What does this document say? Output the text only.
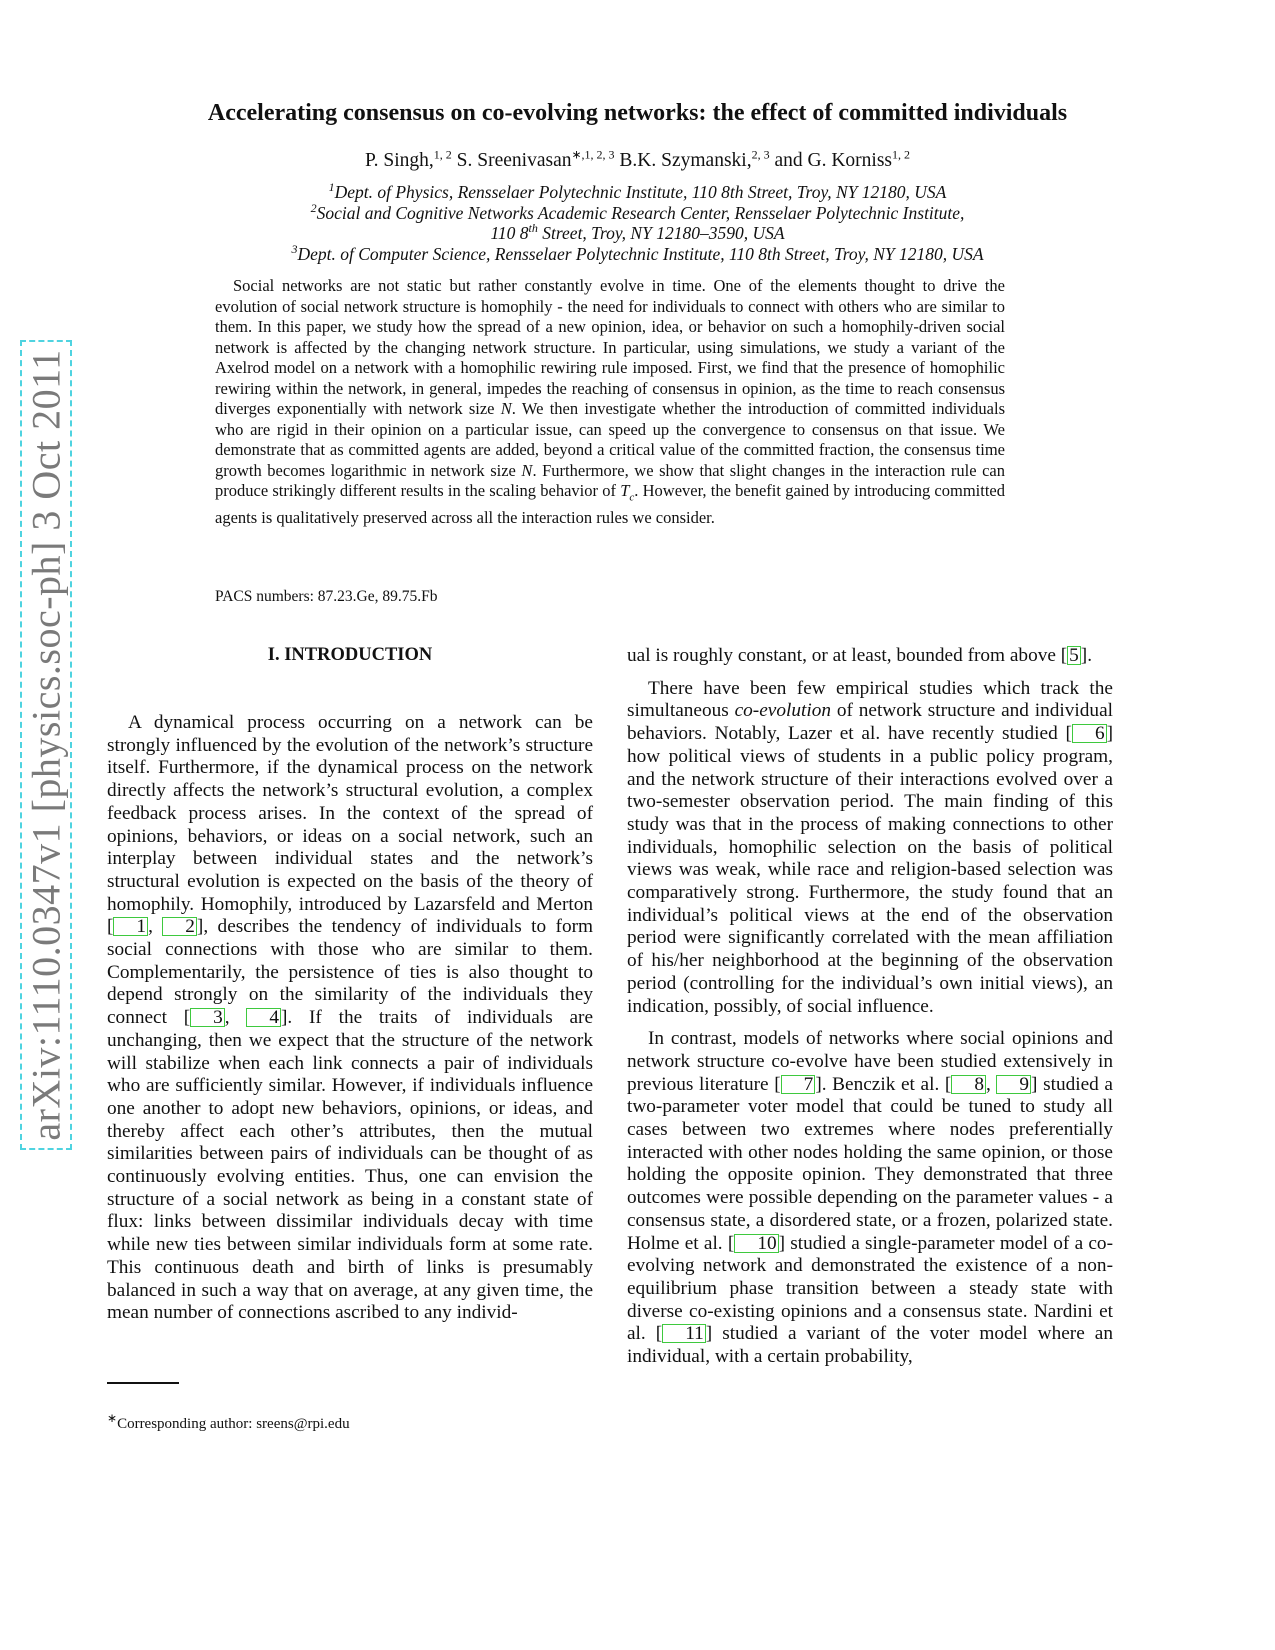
arXiv:1110.0347v1 [physics.soc-ph] 3 Oct 2011
Accelerating consensus on co-evolving networks: the effect of committed individuals
P. Singh,$^{1, 2}$ S. Sreenivasan$^{∗,1, 2, 3}$ B.K. Szymanski,$^{2, 3}$ and G. Korniss$^{1, 2}$
$^1$Dept. of Physics, Rensselaer Polytechnic Institute, 110 8th Street, Troy, NY 12180, USA
$^2$Social and Cognitive Networks Academic Research Center, Rensselaer Polytechnic Institute,
110 8th Street, Troy, NY 12180–3590, USA
$^3$Dept. of Computer Science, Rensselaer Polytechnic Institute, 110 8th Street, Troy, NY 12180, USA

Social networks are not static but rather constantly evolve in time. One of the elements thought to drive the evolution of social network structure is homophily - the need for individuals to connect with others who are similar to them. In this paper, we study how the spread of a new opinion, idea, or behavior on such a homophily-driven social network is affected by the changing network structure. In particular, using simulations, we study a variant of the Axelrod model on a network with a homophilic rewiring rule imposed. First, we find that the presence of homophilic rewiring within the network, in general, impedes the reaching of consensus in opinion, as the time to reach consensus diverges exponentially with network size N. We then investigate whether the introduction of committed individuals who are rigid in their opinion on a particular issue, can speed up the convergence to consensus on that issue. We demonstrate that as committed agents are added, beyond a critical value of the committed fraction, the consensus time growth becomes logarithmic in network size N. Furthermore, we show that slight changes in the interaction rule can produce strikingly different results in the scaling behavior of $T_c$. However, the benefit gained by introducing committed agents is qualitatively preserved across all the interaction rules we consider.

PACS numbers: 87.23.Ge, 89.75.Fb
I. INTRODUCTION

A dynamical process occurring on a network can be strongly influenced by the evolution of the network’s structure itself. Furthermore, if the dynamical process on the network directly affects the network’s structural evolution, a complex feedback process arises. In the context of the spread of opinions, behaviors, or ideas on a social network, such an interplay between individual states and the network’s structural evolution is expected on the basis of the theory of homophily. Homophily, introduced by Lazarsfeld and Merton [ 1 , 2 ], describes the tendency of individuals to form social connections with those who are similar to them. Complementarily, the persistence of ties is also thought to depend strongly on the similarity of the individuals they connect [ 3 , 4 ]. If the traits of individuals are unchanging, then we expect that the structure of the network will stabilize when each link connects a pair of individuals who are sufficiently similar. However, if individuals influence one another to adopt new behaviors, opinions, or ideas, and thereby affect each other’s attributes, then the mutual similarities between pairs of individuals can be thought of as continuously evolving entities. Thus, one can envision the structure of a social network as being in a constant state of flux: links between dissimilar individuals decay with time while new ties between similar individuals form at some rate. This continuous death and birth of links is presumably balanced in such a way that on average, at any given time, the mean number of connections ascribed to any individ-

ual is roughly constant, or at least, bounded from above [ 5 ].

There have been few empirical studies which track the simultaneous co-evolution of network structure and individual behaviors. Notably, Lazer et al. have recently studied [ 6 ] how political views of students in a public policy program, and the network structure of their interactions evolved over a two-semester observation period. The main finding of this study was that in the process of making connections to other individuals, homophilic selection on the basis of political views was weak, while race and religion-based selection was comparatively strong. Furthermore, the study found that an individual’s political views at the end of the observation period were significantly correlated with the mean affiliation of his/her neighborhood at the beginning of the observation period (controlling for the individual’s own initial views), an indication, possibly, of social influence.

In contrast, models of networks where social opinions and network structure co-evolve have been studied extensively in previous literature [ 7 ]. Benczik et al. [ 8 , 9 ] studied a two-parameter voter model that could be tuned to study all cases between two extremes where nodes preferentially interacted with other nodes holding the same opinion, or those holding the opposite opinion. They demonstrated that three outcomes were possible depending on the parameter values - a consensus state, a disordered state, or a frozen, polarized state. Holme et al. [ 10 ] studied a single-parameter model of a co-evolving network and demonstrated the existence of a non-equilibrium phase transition between a steady state with diverse co-existing opinions and a consensus state. Nardini et al. [ 11 ] studied a variant of the voter model where an individual, with a certain probability,

∗Corresponding author: sreens@rpi.edu
